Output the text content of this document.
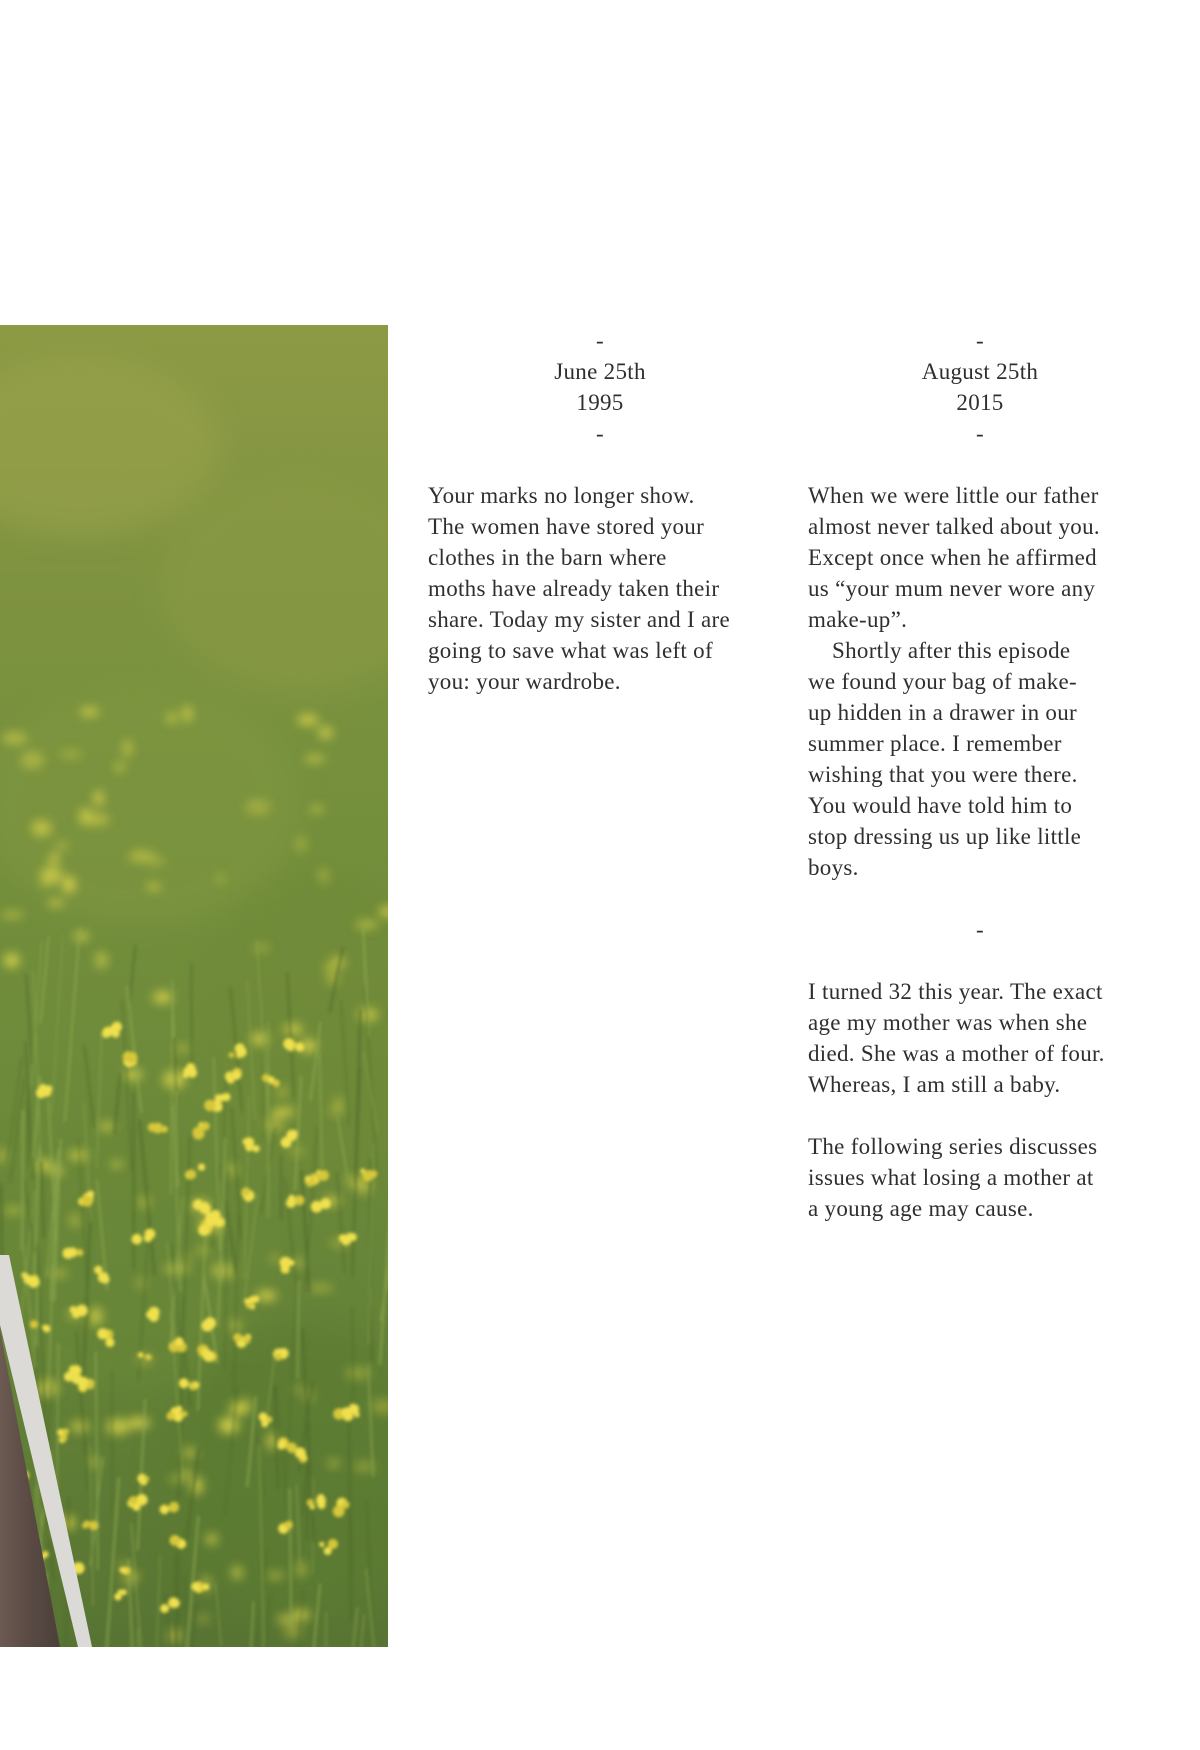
-
June 25th
1995
-

Your marks no longer show.
The women have stored your
clothes in the barn where
moths have already taken their
share. Today my sister and I are
going to save what was left of
you: your wardrobe.

-
August 25th
2015
-

When we were little our father
almost never talked about you.
Except once when he affirmed
us “your mum never wore any
make-up”.

Shortly after this episode
we found your bag of make-
up hidden in a drawer in our
summer place. I remember
wishing that you were there.
You would have told him to
stop dressing us up like little
boys.

-

I turned 32 this year. The exact
age my mother was when she
died. She was a mother of four.
Whereas, I am still a baby.

The following series discusses
issues what losing a mother at
a young age may cause.
